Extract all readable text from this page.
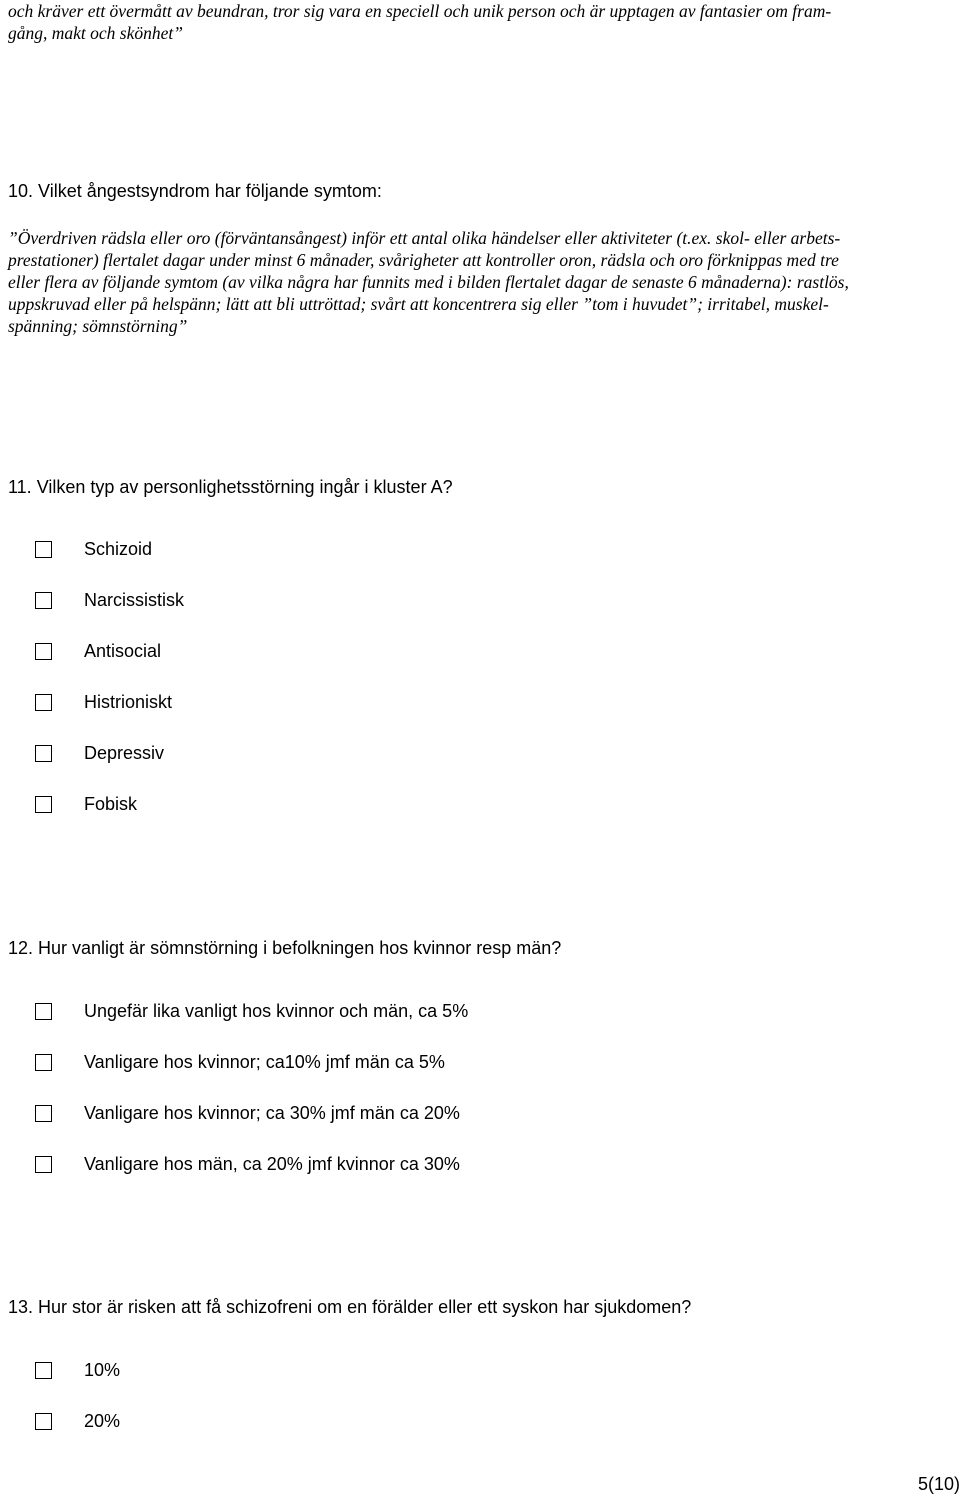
och kräver ett övermått av beundran, tror sig vara en speciell och unik person och är upptagen av fantasier om fram-

gång, makt och skönhet”

10. Vilket ångestsyndrom har följande symtom:

”Överdriven rädsla eller oro (förväntansångest) inför ett antal olika händelser eller aktiviteter (t.ex. skol- eller arbets-

prestationer) flertalet dagar under minst 6 månader, svårigheter att kontroller oron, rädsla och oro förknippas med tre

eller flera av följande symtom (av vilka några har funnits med i bilden flertalet dagar de senaste 6 månaderna): rastlös,

uppskruvad eller på helspänn; lätt att bli uttröttad; svårt att koncentrera sig eller ”tom i huvudet”; irritabel, muskel-

spänning; sömnstörning”

11. Vilken typ av personlighetsstörning ingår i kluster A?

Schizoid
Narcissistisk
Antisocial
Histrioniskt
Depressiv
Fobisk

12. Hur vanligt är sömnstörning i befolkningen hos kvinnor resp män?

Ungefär lika vanligt hos kvinnor och män, ca 5%
Vanligare hos kvinnor; ca10% jmf män ca 5%
Vanligare hos kvinnor; ca 30% jmf män ca 20%
Vanligare hos män, ca 20% jmf kvinnor ca 30%

13. Hur stor är risken att få schizofreni om en förälder eller ett syskon har sjukdomen?

10%
20%

5(10)
